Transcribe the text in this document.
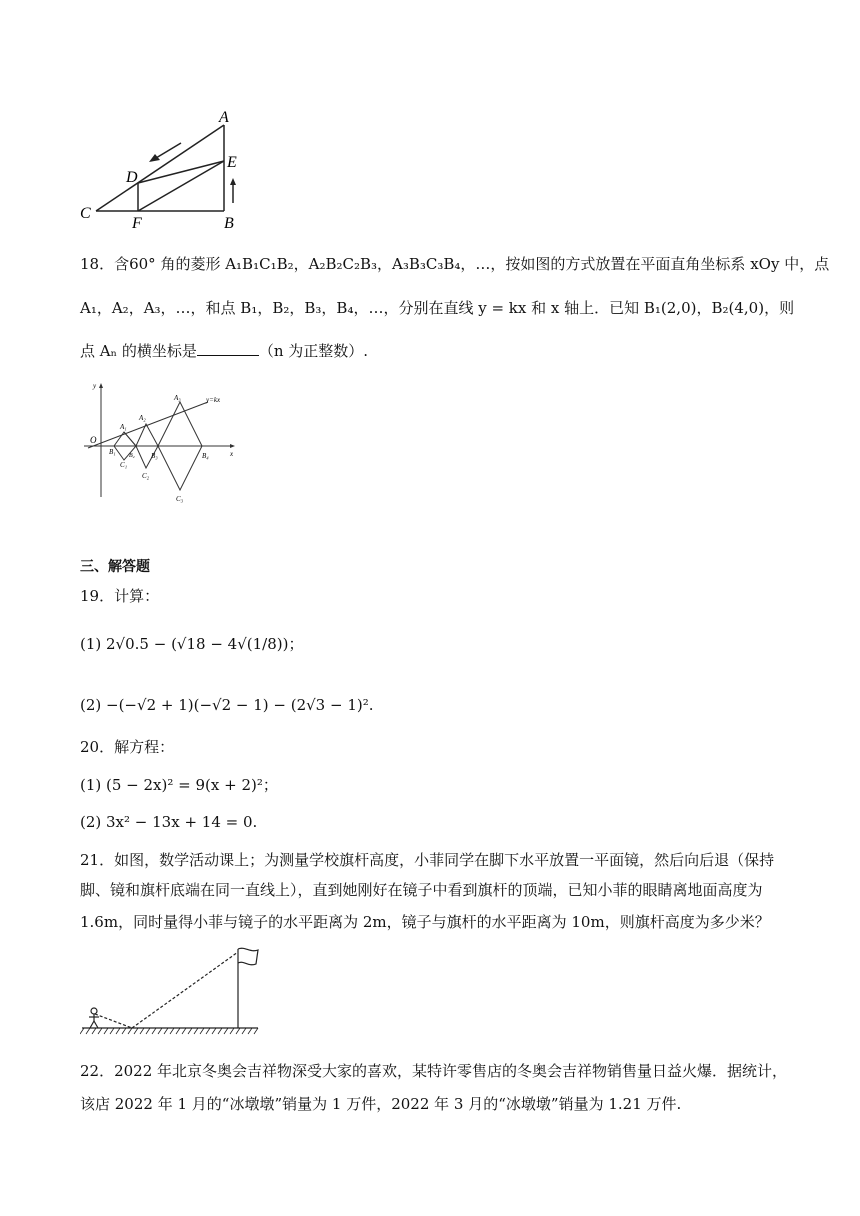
A
B
C
D
E
F
18．含60° 角的菱形 A₁B₁C₁B₂，A₂B₂C₂B₃，A₃B₃C₃B₄，…，按如图的方式放置在平面直角坐标系 xOy 中，点
A₁，A₂，A₃，…，和点 B₁，B₂，B₃，B₄，…，分别在直线 y = kx 和 x 轴上．已知 B₁(2,0)，B₂(4,0)，则
点 Aₙ 的横坐标是	（n 为正整数）.
y
x
O
y=kx
A₁
A₂
A₃
B₁ B₂ B₃	B₄
C₁
C₂
C₃
三、解答题
19．计算：
(1) 2√0.5 − (√18 − 4√(1/8))；
(2) −(−√2 + 1)(−√2 − 1) − (2√3 − 1)².
20．解方程：
(1) (5 − 2x)² = 9(x + 2)²；
(2) 3x² − 13x + 14 = 0.
21．如图，数学活动课上；为测量学校旗杆高度，小菲同学在脚下水平放置一平面镜，然后向后退（保持
脚、镜和旗杆底端在同一直线上），直到她刚好在镜子中看到旗杆的顶端，已知小菲的眼睛离地面高度为
1.6m，同时量得小菲与镜子的水平距离为 2m，镜子与旗杆的水平距离为 10m，则旗杆高度为多少米？
22．2022 年北京冬奥会吉祥物深受大家的喜欢，某特许零售店的冬奥会吉祥物销售量日益火爆．据统计，
该店 2022 年 1 月的“冰墩墩”销量为 1 万件，2022 年 3 月的“冰墩墩”销量为 1.21 万件.
